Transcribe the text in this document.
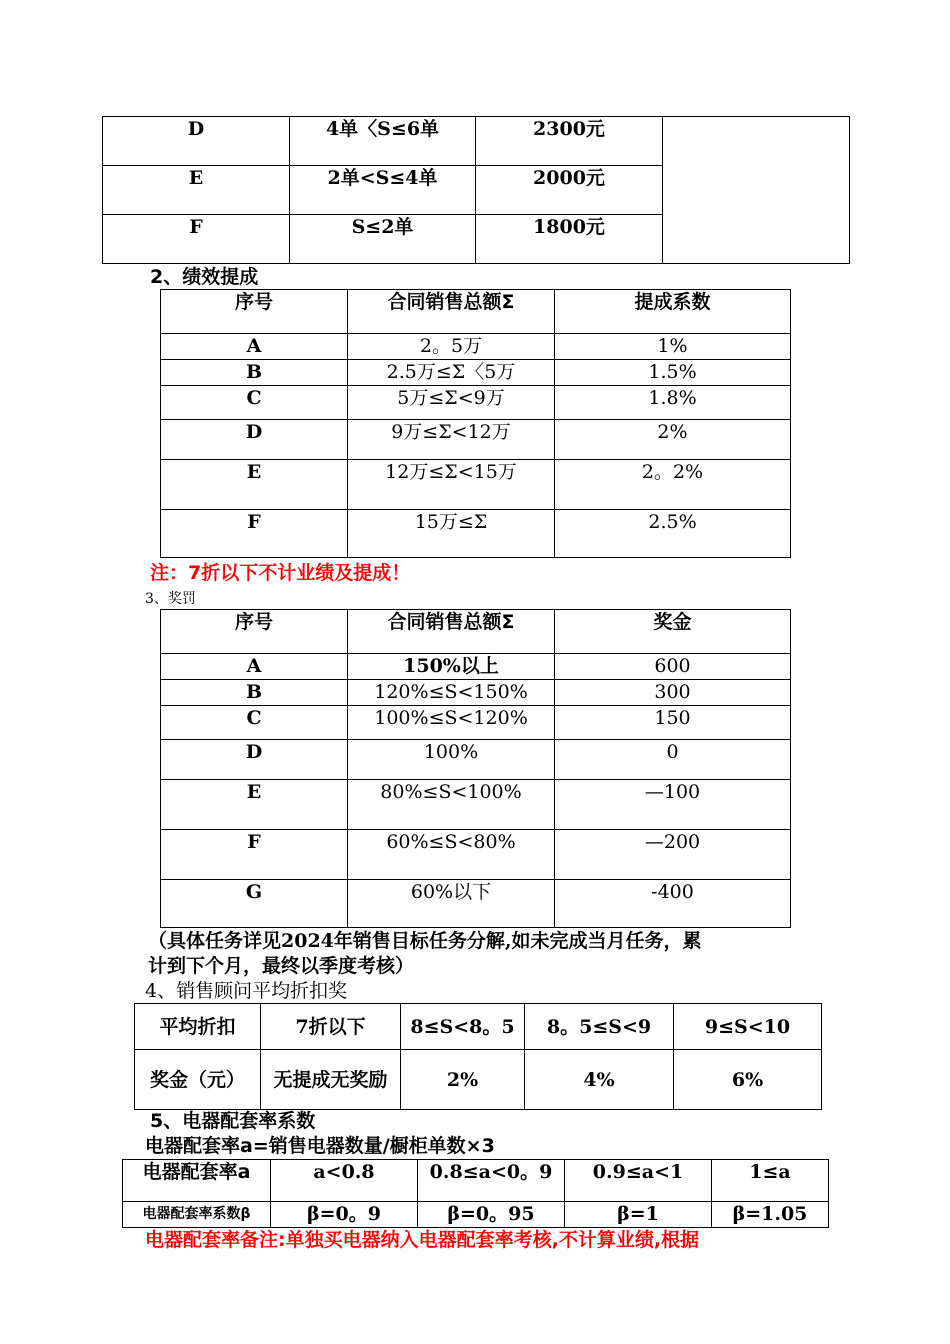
D	4单〈S≤6单	2300元	
E	2单<S≤4单	2000元	
F	S≤2单	1800元	
2、绩效提成
序号	合同销售总额Σ	提成系数
A	2。5万	1%
B	2.5万≤Σ〈5万	1.5%
C	5万≤Σ<9万	1.8%
D	9万≤Σ<12万	2%
E	12万≤Σ<15万	2。2%
F	15万≤Σ	2.5%
注：7折以下不计业绩及提成！
3、奖罚
序号	合同销售总额Σ	奖金
A	150%以上	600
B	120%≤S<150%	300
C	100%≤S<120%	150
D	100%	0
E	80%≤S<100%	—100
F	60%≤S<80%	—200
G	60%以下	-400
（具体任务详见2024年销售目标任务分解,如未完成当月任务，累
计到下个月，最终以季度考核）
4、销售顾问平均折扣奖
平均折扣	7折以下	8≤S<8。5	8。5≤S<9	9≤S<10
奖金（元）	无提成无奖励	2%	4%	6%
5、电器配套率系数
电器配套率a=销售电器数量/橱柜单数×3
电器配套率a	a<0.8	0.8≤a<0。9	0.9≤a<1	1≤a
电器配套率系数β	β=0。9	β=0。95	β=1	β=1.05
电器配套率备注:单独买电器纳入电器配套率考核,不计算业绩,根据
